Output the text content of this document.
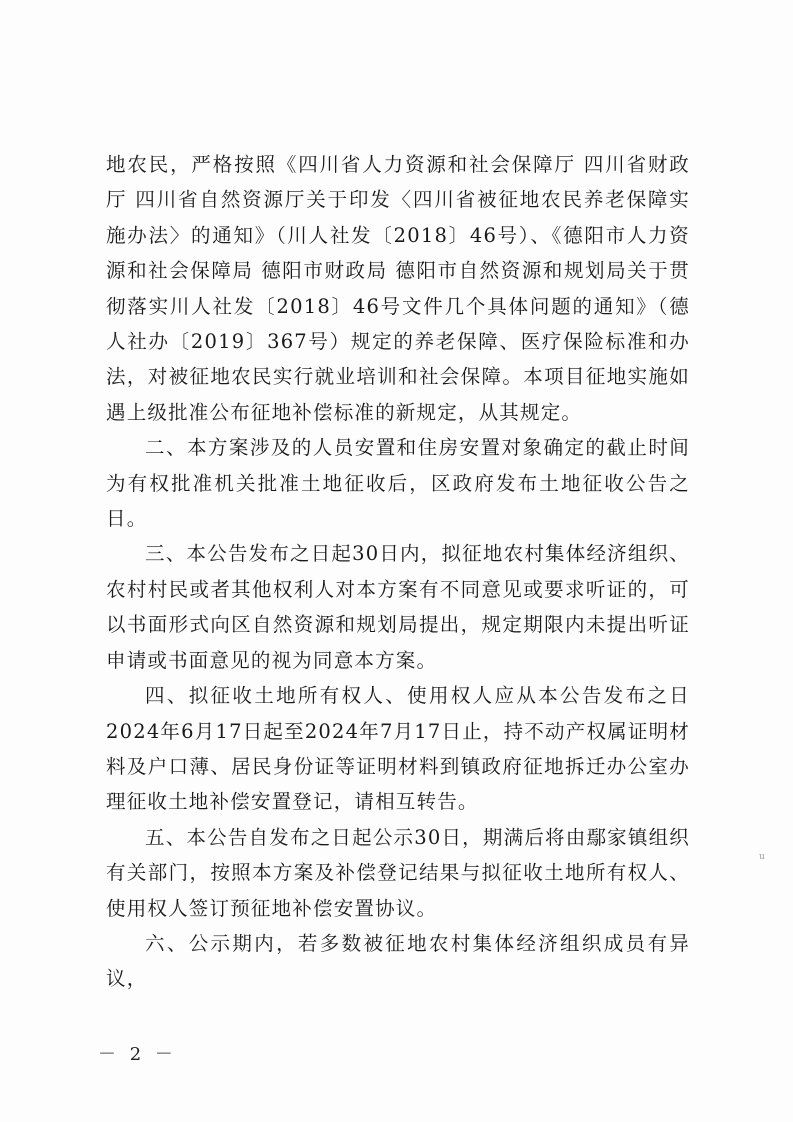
地农民，严格按照《四川省人力资源和社会保障厅 四川省财政厅 四川省自然资源厅关于印发〈四川省被征地农民养老保障实施办法〉的通知》（川人社发〔2018〕46号）、《德阳市人力资源和社会保障局 德阳市财政局 德阳市自然资源和规划局关于贯彻落实川人社发〔2018〕46号文件几个具体问题的通知》（德人社办〔2019〕367号）规定的养老保障、医疗保险标准和办法，对被征地农民实行就业培训和社会保障。本项目征地实施如遇上级批准公布征地补偿标准的新规定，从其规定。

二、本方案涉及的人员安置和住房安置对象确定的截止时间为有权批准机关批准土地征收后，区政府发布土地征收公告之日。

三、本公告发布之日起30日内，拟征地农村集体经济组织、农村村民或者其他权利人对本方案有不同意见或要求听证的，可以书面形式向区自然资源和规划局提出，规定期限内未提出听证申请或书面意见的视为同意本方案。

四、拟征收土地所有权人、使用权人应从本公告发布之日2024年6月17日起至2024年7月17日止，持不动产权属证明材料及户口薄、居民身份证等证明材料到镇政府征地拆迁办公室办理征收土地补偿安置登记，请相互转告。

五、本公告自发布之日起公示30日，期满后将由鄢家镇组织有关部门，按照本方案及补偿登记结果与拟征收土地所有权人、使用权人签订预征地补偿安置协议。

六、公示期内，若多数被征地农村集体经济组织成员有异议，

u
－ 2 －
